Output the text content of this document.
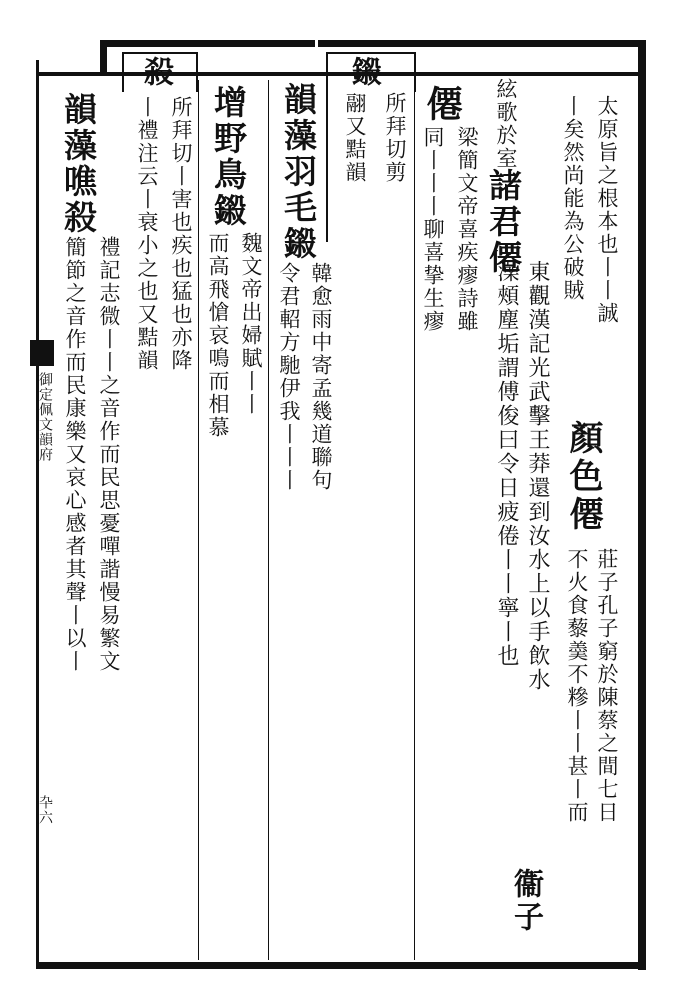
御定佩文韻府
卆六
鎩
殺
太原旨之根本也丨丨誠
丨矣然尚能為公破賊
顏色僊
莊子孔子窮於陳蔡之間七日
不火食藜羮不糝丨丨甚丨而
絃歌於室
諸君僊
東觀漢記光武擊王莽還到汝水上以手飲水
澡頰塵垢謂傅俊曰令日疲倦丨丨寧丨也
衞子
僊
梁簡文帝喜疾瘳詩雖
同丨丨丨聊喜挚生瘳
所拜切剪
翮又黠韻
韻藻羽毛鎩
韓愈雨中寄孟幾道聯句
令君軺方馳伊我丨丨丨
增野鳥鎩
魏文帝出婦賦丨丨
而高飛愴哀鳴而相慕
所拜切丨害也疾也猛也亦降
丨禮注云丨衰小之也又黠韻
韻藻噍殺
禮記志微丨丨之音作而民思憂嘽諧慢易繁文
簡節之音作而民康樂又哀心感者其聲丨以丨
